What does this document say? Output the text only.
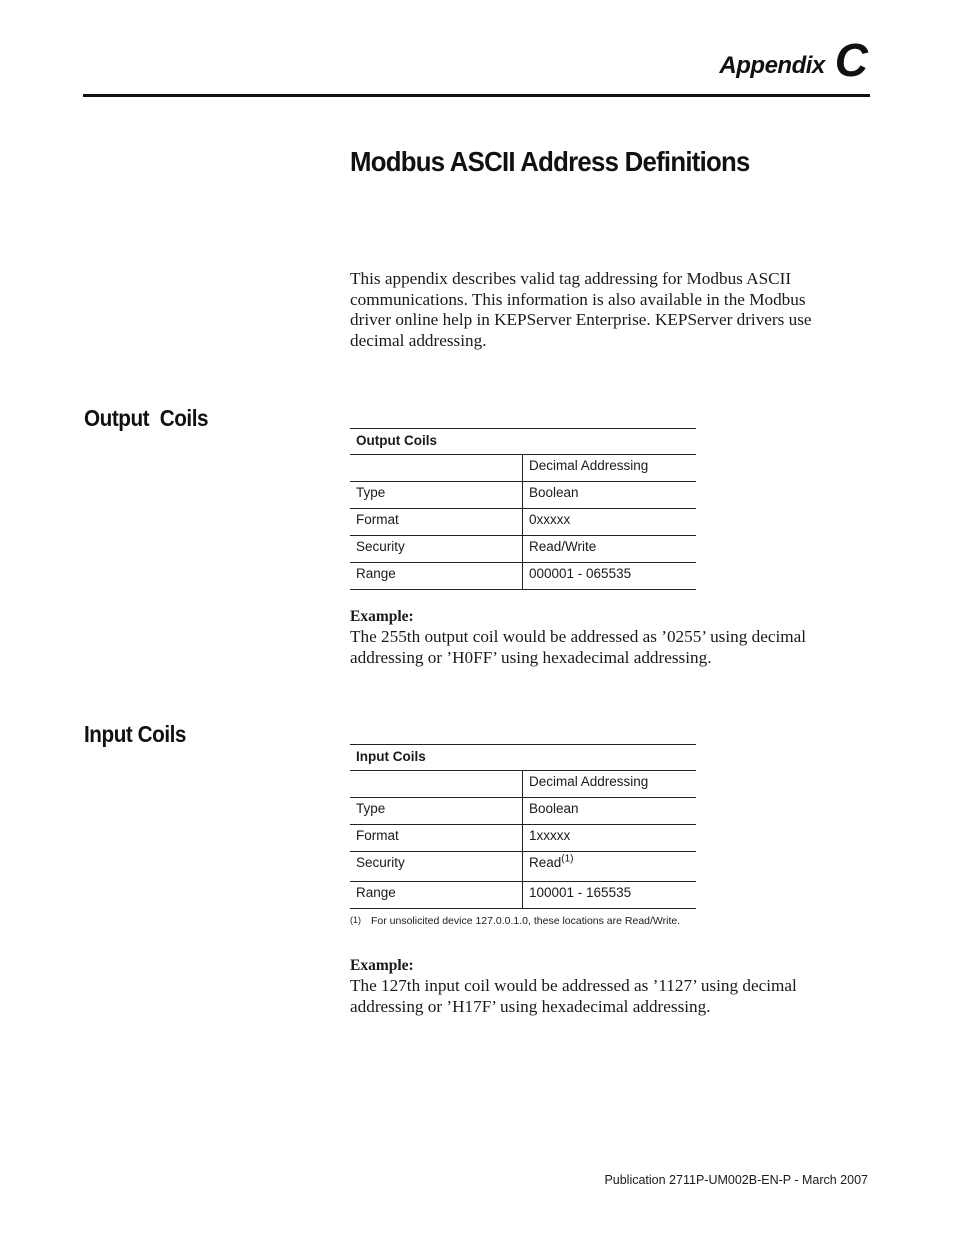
Appendix C
Modbus ASCII Address Definitions

This appendix describes valid tag addressing for Modbus ASCII communications. This information is also available in the Modbus driver online help in KEPServer Enterprise. KEPServer drivers use decimal addressing.

Output  Coils
Output Coils	
	Decimal Addressing
Type	Boolean
Format	0xxxxx
Security	Read/Write
Range	000001 - 065535

Example:
The 255th output coil would be addressed as ’0255’ using decimal addressing or ’H0FF’ using hexadecimal addressing.

Input Coils
Input Coils	
	Decimal Addressing
Type	Boolean
Format	1xxxxx
Security	Read$^{(1)}$
Range	100001 - 165535
(1) For unsolicited device 127.0.0.1.0, these locations are Read/Write.

Example:
The 127th input coil would be addressed as ’1127’ using decimal addressing or ’H17F’ using hexadecimal addressing.

Publication 2711P-UM002B-EN-P - March 2007
